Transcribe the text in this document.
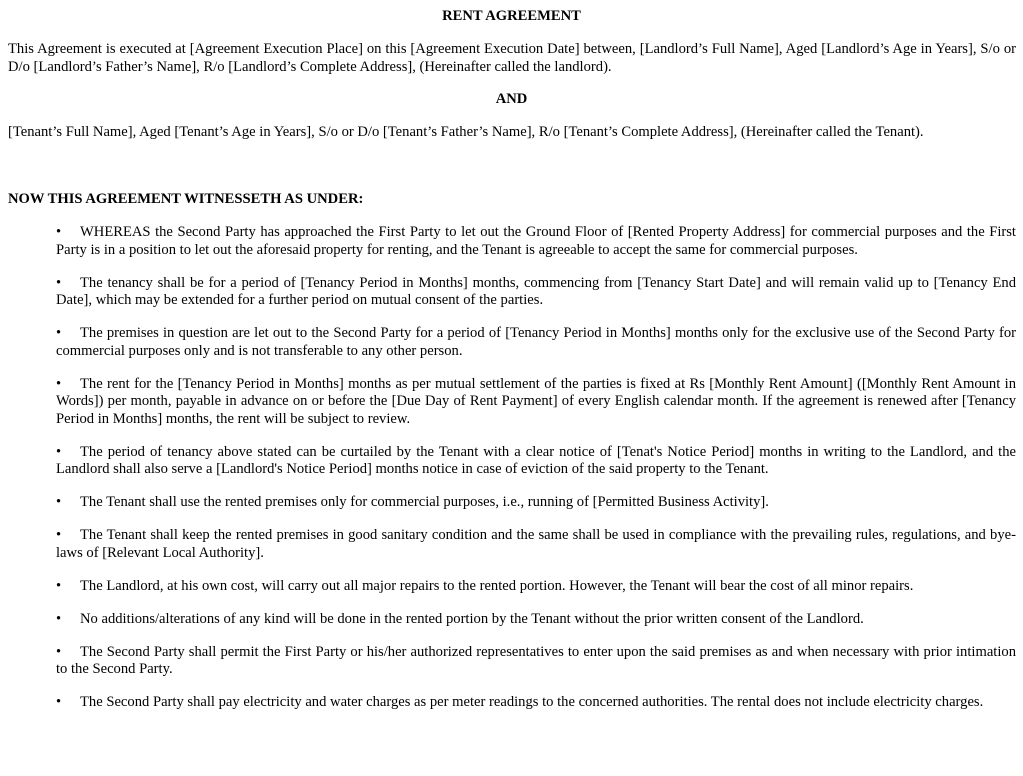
RENT AGREEMENT
This Agreement is executed at [Agreement Execution Place] on this [Agreement Execution Date] between, [Landlord’s Full Name], Aged [Landlord’s Age in Years], S/o or D/o [Landlord’s Father’s Name], R/o [Landlord’s Complete Address], (Hereinafter called the landlord).
AND
[Tenant’s Full Name], Aged [Tenant’s Age in Years], S/o or D/o [Tenant’s Father’s Name], R/o [Tenant’s Complete Address], (Hereinafter called the Tenant).
NOW THIS AGREEMENT WITNESSETH AS UNDER:
• WHEREAS the Second Party has approached the First Party to let out the Ground Floor of [Rented Property Address] for commercial purposes and the First Party is in a position to let out the aforesaid property for renting, and the Tenant is agreeable to accept the same for commercial purposes.
• The tenancy shall be for a period of [Tenancy Period in Months] months, commencing from [Tenancy Start Date] and will remain valid up to [Tenancy End Date], which may be extended for a further period on mutual consent of the parties.
• The premises in question are let out to the Second Party for a period of [Tenancy Period in Months] months only for the exclusive use of the Second Party for commercial purposes only and is not transferable to any other person.
• The rent for the [Tenancy Period in Months] months as per mutual settlement of the parties is fixed at Rs [Monthly Rent Amount] ([Monthly Rent Amount in Words]) per month, payable in advance on or before the [Due Day of Rent Payment] of every English calendar month. If the agreement is renewed after [Tenancy Period in Months] months, the rent will be subject to review.
• The period of tenancy above stated can be curtailed by the Tenant with a clear notice of [Tenat's Notice Period] months in writing to the Landlord, and the Landlord shall also serve a [Landlord's Notice Period] months notice in case of eviction of the said property to the Tenant.
• The Tenant shall use the rented premises only for commercial purposes, i.e., running of [Permitted Business Activity].
• The Tenant shall keep the rented premises in good sanitary condition and the same shall be used in compliance with the prevailing rules, regulations, and bye-laws of [Relevant Local Authority].
• The Landlord, at his own cost, will carry out all major repairs to the rented portion. However, the Tenant will bear the cost of all minor repairs.
• No additions/alterations of any kind will be done in the rented portion by the Tenant without the prior written consent of the Landlord.
• The Second Party shall permit the First Party or his/her authorized representatives to enter upon the said premises as and when necessary with prior intimation to the Second Party.
• The Second Party shall pay electricity and water charges as per meter readings to the concerned authorities. The rental does not include electricity charges.
